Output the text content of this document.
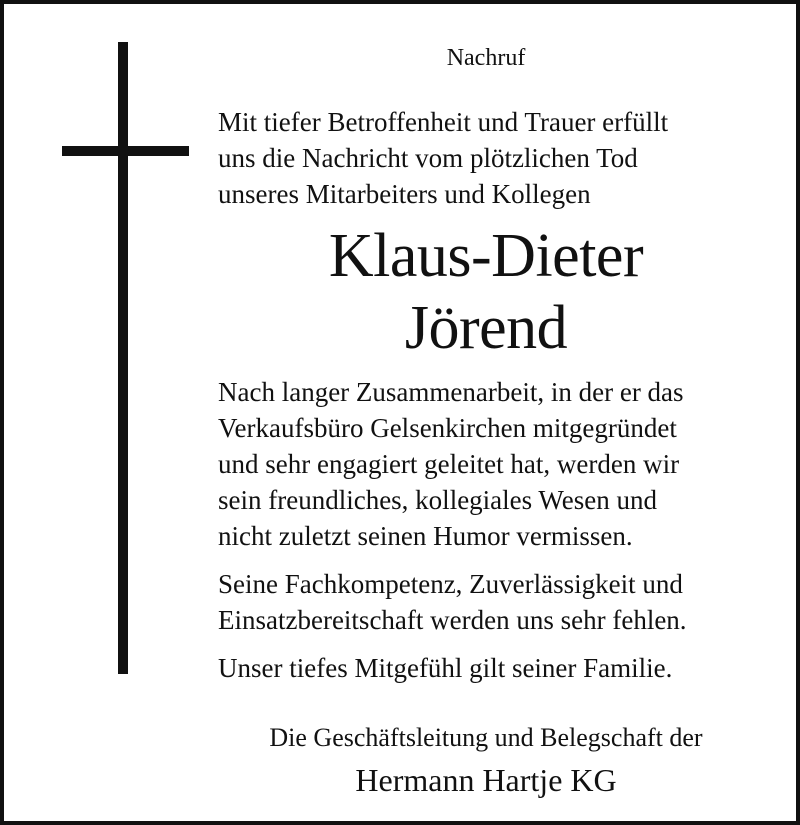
Nachruf
Mit tiefer Betroffenheit und Trauer erfüllt
uns die Nachricht vom plötzlichen Tod
unseres Mitarbeiters und Kollegen
Klaus-Dieter
Jörend
Nach langer Zusammenarbeit, in der er das
Verkaufsbüro Gelsenkirchen mitgegründet
und sehr engagiert geleitet hat, werden wir
sein freundliches, kollegiales Wesen und
nicht zuletzt seinen Humor vermissen.
Seine Fachkompetenz, Zuverlässigkeit und
Einsatzbereitschaft werden uns sehr fehlen.
Unser tiefes Mitgefühl gilt seiner Familie.
Die Geschäftsleitung und Belegschaft der
Hermann Hartje KG
